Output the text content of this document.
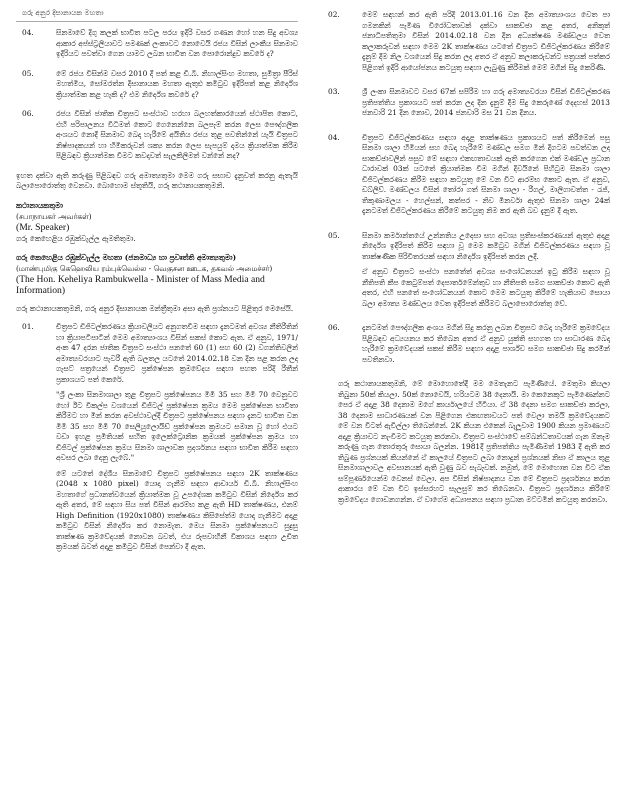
ගරු අනුර දිසානායක මහතා
04.	සිනමාවේ දිගු කලක් භාවිත පටල පරය ඉදිරි වසර ගණන හෝ හන සිදු අවශ්‍ය ආකාර අප්ස්ට්‍රලියාවට පමණක් ලංකාවට නොවෙයි රජය විසින් ලාංකීය සිනමාව ඉදිරියට පවත්වා ගෙන යාමට ලබන භාවිත වන පොරොන්දුව කවරේ ද?
05.	මේ රජය විසින්ම වසර 2010 දී පත් කළ ඩී.බී. නිහාල්සිංහ මහතා, සුමිත්‍රා පීරිස් මහත්මිය, සෝමරත්න දිසානායක මහතා ඇතුළු කමිටුව ඉදිරිපත් කළ නිර්දේශ ක්‍රියාත්මක කළ හැකි ද? එම නිර්දේශ කවරේ ද?
06.	රජය විසින් ජාතික චිත්‍රපට සංස්ථාව හරහා බලහත්කාරයෙන් ස්ථාපිත කොට, එහි පරිපාලනය විධිමත් කොට ගෙනෙන්නෙ බලපෑම් කරන ලෙස පෞද්ගලික අංශයට නොදී සිනමාව බෙදා හැරීමේ අයිතිය රජය තුළ පවතින්නේ යැයි චිත්‍රපට නිෂ්පාදකයන් හා හිමිකරුවන් ශක්‍ය කරන ලෙස සැපයුම් දාමය ක්‍රියාත්මක කිරීම පිළිබඳව ක්‍රියාත්මක වීමට කවදාවත් සැලකිලිමත් වන්නේ නද?

ඉහත දක්වා ඇති කරුණු පිළිබඳව ගරු අමාත්‍යතුමා මෙම ගරු සභාව දැනුවත් කරනු ඇතැයි බලාපොරොත්තු වෙනවා. බොහොම ස්තූතියි, ගරු කථානායකතුමනි.

කථානායකතුමා
(சபாநாயகர் அவர்கள்)
(Mr. Speaker)
ගරු කෙහෙළිය රඹුක්වැල්ල ඇමතිතුමා.
ගරු කෙහෙළිය රඹුක්වැල්ල මහතා (ජනමාධ්‍ය හා ප්‍රවෘත්ති අමාත්‍යතුමා)
(மாண்புமிகு கெஹெலிய ரம்புக்வெல்ல - வெகுசன ஊடக, தகவல் அமைச்சர்)
(The Hon. Keheliya Rambukwella - Minister of Mass Media and Information)

ගරු කථානායකතුමනි, ගරු අනුර දිසානායක මන්ත්‍රීතුමා අසා ඇති ප්‍රශ්නයට පිළිතුර මෙසේයි.

01.	චිත්‍රපට ඩිජිටල්කරණය ක්‍රියාවලියට අනුගතවීම සඳහා දැනටමත් අවශ්‍ය නීතිරීතින් හා ක්‍රියාපටිපාටීන් මෙම අමාත්‍යාංශය විසින් සකස් කොට ඇත. ඒ අනුව, 1971/ අංක 47 දරන ජාතික චිත්‍රපට සංස්ථා පනතේ 60 (1) සහ 60 (2) වගන්තිවලින් අමාත්‍යවරයාට පැවරී ඇති බලතල යටතේ 2014.02.18 වන දින පළ කරන ලද ගැසට් පත්‍රයෙන් චිත්‍රපට ප්‍රක්ෂේපන ක්‍රමවේදය සඳහා පහත පරිදි රීතීන් ප්‍රකාශයට පත් කෙරේ.

"ශ්‍රී ලංකා සිනමාශාලා තුළ චිත්‍රපට ප්‍රක්ෂේපනය මිමී 35 සහ මිමී 70 වෙනුවට හෝ ඊට විකල්ප වශයෙන් ඩිජිටල් ප්‍රක්ෂේපන ක්‍රමය මෙම ප්‍රක්ෂේපන භාවිතා කිරීමට හා මින් කරන අවස්ථාවල්දී චිත්‍රපට ප්‍රක්ෂේපනය සඳහා දැනට භාවිත වන මිමී 35 සහ මිමී 70 සෙලියුලොයිඩ් ප්‍රක්ෂේපන ක්‍රමයට සමාන වූ හෝ එයට වඩා ඉහළ ප්‍රමිතියක් සහිත ඉලෙක්ට්‍රොනික ක්‍රමයක් ප්‍රක්ෂේපන ක්‍රමය හා ඩිජිටල් ප්‍රක්ෂේපන ක්‍රමය සිනමා ශාලාවක ප්‍රදර්ශනය සඳහා භාවිත කිරීම සඳහා අවසර ලබා දෙනු ලැබේ."

මේ යටතේ දේශීය සිනමාවේ චිත්‍රපට ප්‍රක්ෂේපනය සඳහා 2K තාක්ෂණය (2048 x 1080 pixel) යොදා ගැනීම සඳහා ආචාර්ය ඩී.බී. නිහාල්සිංහ මහතාගේ ප්‍රධානත්වයෙන් ක්‍රියාත්මක වූ උපදේශක කමිටුව විසින් නිර්දේශ කර ඇති අතර, මේ සඳහා සිය පත් විසින් ආරම්භ කළ ඇති HD තාක්ෂණය, එනම් High Definition (1920x1080) තාක්ෂණය කිසිසේත්ම යොදා ගැනීමට අදාළ කමිටුව විසින් නිර්දේශ කර නොමැත. මෙය සිනමා ප්‍රක්ෂේපනයට සුදුසු තාක්ෂණ ක්‍රමවේදයක් නොවන බවත්, එය රූපවාහිනී විකාශය සඳහා උචිත ක්‍රමයක් බවත් අදාළ කමිටුව විසින් පෙන්වා දී ඇත.

02.	මෙම් සඳහන් කර ඇති පරිදි 2013.01.16 වන දින අමාත්‍යාංශය වෙත පා ගමනකින් පැමිණ විරෝධතාවක් දක්වා සාකච්ඡා කළ අතර, අනිකුත් ජනාධිපතිතුමා විසින් 2014.02.18 වන දින අධ්‍යක්ෂණ මණ්ඩලය වෙත කලාකරුවන් සඳහා මෙම 2K තාක්ෂණය යටතේ චිත්‍රපට ඩිජිටල්කරණය කිරීමේ දැනුම් දීම නිල වශයෙන් සිදු කරන ලද අතර ඒ අනුව කලාකරුවන්ට පත්‍රයක් පත්කර පිළිගත් ඉදිරි ආයෝජනය කටයුතු සඳහා ලැබුණු කිරීමක් මෙම් මගින් සිදු කෙරිණි.

03.	ශ්‍රී ලංකා සිනමාවට වසර 67ක් සපිරීම හා ගරු අමාත්‍යවරයා විසින් ඩිජිටල්කරණ ප්‍රතිපත්තිය ප්‍රකාශයට පත් කරන ලද දින දැනුම් දීම සිදු කෙරුණේ දෙදහස් 2013 ජනවාරි 21 දින නොව, 2014 ජනවාරි මස 21 වන දිනය.

04.	චිත්‍රපට ඩිජිටල්කරණය සඳහා අදාළ තාක්ෂණය ප්‍රකාශයට පත් කිරීමෙන් පසු සිනමා ශාලා හිමියන් සහ බෙදා හැරීමේ මණ්ඩල සමග මින් දිගටම පවත්වන ලද සාකච්ඡාවලින් පසුව මේ සඳහා එකඟතාවයක් ඇති කරගෙන එක් මණ්ඩල ප්‍රධාන ධාරාවක් 03ක් යටතේ ක්‍රියාත්මක වීම මගින් දිවයිනේ පිහිටුම සිනමා ශාලා ඩිජිටල්කරණය කිරීම සඳහා කටයුතු මේ වන විට ආරම්භ කොට ඇත. ඒ අනුව, ඩබ්ලිව්. මණ්ඩලය විසින් තෝරා ගත් සිනමා ශාලා - රීගල්, මාලිගාවත්ත - රැජ්, තිකුණාමලය - හෙල්සන්, කත්පර - නිව මිනර්වා ඇතුළු සිනමා ශාලා 24ක් දැනටමත් ඩිජිටල්කරණය කිරීමේ කටයුතු නිම කර ඇති බව දැනුම් දී ඇත.

05.	සිනමා කර්මාන්තයේ උන්නතිය උදෙසා සහ අවශ්‍ය ප්‍රතිසංස්කරණයන් ඇතුළු අදාළ නිර්දේශ ඉදිරිපත් කිරීම සඳහා වූ මෙම කමිටුව මගින් ඩිජිටල්කරණය සඳහා වූ තාක්ෂණික පිරිවිතරයක් සඳහා නිර්දේශ ඉදිරිපත් කරන ලදී.

ඒ අනුව චිත්‍රපට සංස්ථා පනතේත් අවශ්‍ය සංශෝධනයන් ඉටු කිරීම සඳහා වූ නීතිපති කීප කෙටුම්පත් දෙපාර්තමේන්තුව හා නීතිපති සමග සාකච්ඡා කොට ඇති අතර, එහි පනතේ සංශෝධනයන් කොට මෙම කටයුතු කිරීමේ හැකියාව සොයා බලා අමාත්‍ය මණ්ඩලය වෙත ඉදිරිපත් කිරීමට බලාපොරොත්තු වේ.

06.	දැනටමත් පෞද්ගලික අංශය මගින් සිදු කරනු ලබන චිත්‍රපට බෙදා හැරීමේ ක්‍රමවේදය පිළිබඳව අධ්‍යයනය කර තිබෙන අතර ඒ අනුව යුක්ති සහගත හා සාධාරණ බෙදා හැරීමේ ක්‍රමවේදයක් සකස් කිරීම සඳහා අදාළ පාර්ශ්ව සමග සාකච්ඡා සිදු කරමින් පවතිනවා.

ගරු කථානායකතුමනි, මේ මොහොතේදී මම මෙතැනට පැමිණියේ. මෙතුමා කියලා තිබුනා 50ක් කියලා. 50ක් නොවෙයි, හරියටම 38 දෙනායි. මා කෙනෙකුට පැමිණෙන්නට පෙර ඒ අදාළ 38 දෙනාම මගේ කාර්යාලයේ හිටියා. ඒ 38 දෙනා සමග සාකච්ඡා කරලා, 38 දෙනාම සාධාරණයක් වන පිළිගෙන එකඟතාවයට පත් වෙලා තමයි ක්‍රමවේදයකට මේ වන විටත් ඇවිල්ලා තිබෙන්නේ. 2K කියන එකෙන් බැලූවාම 1900 කියන ප්‍රමාණයට අදාළ ක්‍රියාවට නැංවීමට කටයුතු කරනවා. චිත්‍රපට සංස්ථාවේ සම්බන්ධතාවයක් ගැන ඕනෑම කරුණු ගැන තොරතුරු සොයා බලන්න. 1981දී ප්‍රතිපත්තිය පැමිණීමත් 1983 දී ඇති කර තිබුණ ප්‍රශ්නයක් කියන්නේ ඒ කාලයේ චිත්‍රපට ලබා නොදුන් ප්‍රශ්නයක් නිසා ඒ කාලය තුළ සිනමාශාලාවල අවසානයක් ඇති වුණු බව සැබෑවක්. නමුත්, මේ මොහොත වන විට ඒක සම්පූර්ණයෙන්ම වෙනස් වෙලා. අප විසින් නිෂ්පාදනය වන මේ චිත්‍රපට ප්‍රදර්ශනය කරන ආකාරය මේ වන විට ඉස්සරහට සැලසුම් කර තිබෙනවා. චිත්‍රපට ප්‍රදර්ශනය කිරීමේ ක්‍රමවේදය ගොඩනගන්න. ඒ වාගේම අධ්‍යාපනය සඳහා ප්‍රධාන මට්ටමින් කටයුතු කරනවා.
